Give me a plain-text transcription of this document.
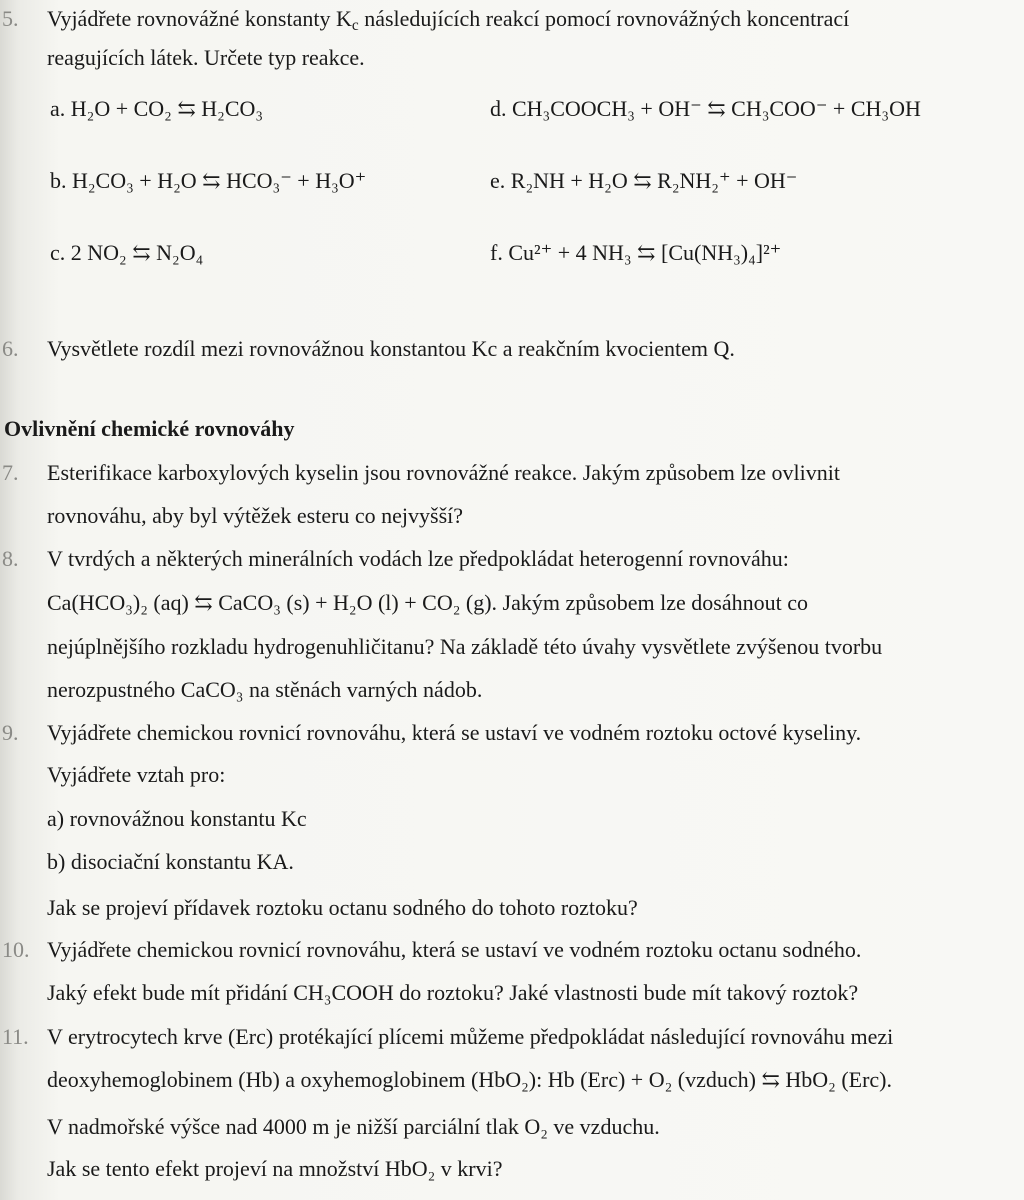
5. Vyjádřete rovnovážné konstanty $K_c$ následujících reakcí pomocí rovnovážných koncentrací
reagujících látek. Určete typ reakce.
a. H₂O + CO₂ ⇆ H₂CO₃	d. CH₃COOCH₃ + OH⁻ ⇆ CH₃COO⁻ + CH₃OH
b. H₂CO₃ + H₂O ⇆ HCO₃⁻ + H₃O⁺	e. R₂NH + H₂O ⇆ R₂NH₂⁺ + OH⁻
c. 2 NO₂ ⇆ N₂O₄	f. Cu²⁺ + 4 NH₃ ⇆ [Cu(NH₃)₄]²⁺
6. Vysvětlete rozdíl mezi rovnovážnou konstantou Kc a reakčním kvocientem Q.
Ovlivnění chemické rovnováhy
7. Esterifikace karboxylových kyselin jsou rovnovážné reakce. Jakým způsobem lze ovlivnit
rovnováhu, aby byl výtěžek esteru co nejvyšší?
8. V tvrdých a některých minerálních vodách lze předpokládat heterogenní rovnováhu:
Ca(HCO₃)₂ (aq) ⇆ CaCO₃ (s) + H₂O (l) + CO₂ (g). Jakým způsobem lze dosáhnout co
nejúplnějšího rozkladu hydrogenuhličitanu? Na základě této úvahy vysvětlete zvýšenou tvorbu
nerozpustného CaCO₃ na stěnách varných nádob.
9. Vyjádřete chemickou rovnicí rovnováhu, která se ustaví ve vodném roztoku octové kyseliny.
Vyjádřete vztah pro:
a) rovnovážnou konstantu Kc
b) disociační konstantu KA.
Jak se projeví přídavek roztoku octanu sodného do tohoto roztoku?
10. Vyjádřete chemickou rovnicí rovnováhu, která se ustaví ve vodném roztoku octanu sodného.
Jaký efekt bude mít přidání CH₃COOH do roztoku? Jaké vlastnosti bude mít takový roztok?
11. V erytrocytech krve (Erc) protékající plícemi můžeme předpokládat následující rovnováhu mezi
deoxyhemoglobinem (Hb) a oxyhemoglobinem (HbO₂): Hb (Erc) + O₂ (vzduch) ⇆ HbO₂ (Erc).
V nadmořské výšce nad 4000 m je nižší parciální tlak O₂ ve vzduchu.
Jak se tento efekt projeví na množství HbO₂ v krvi?
